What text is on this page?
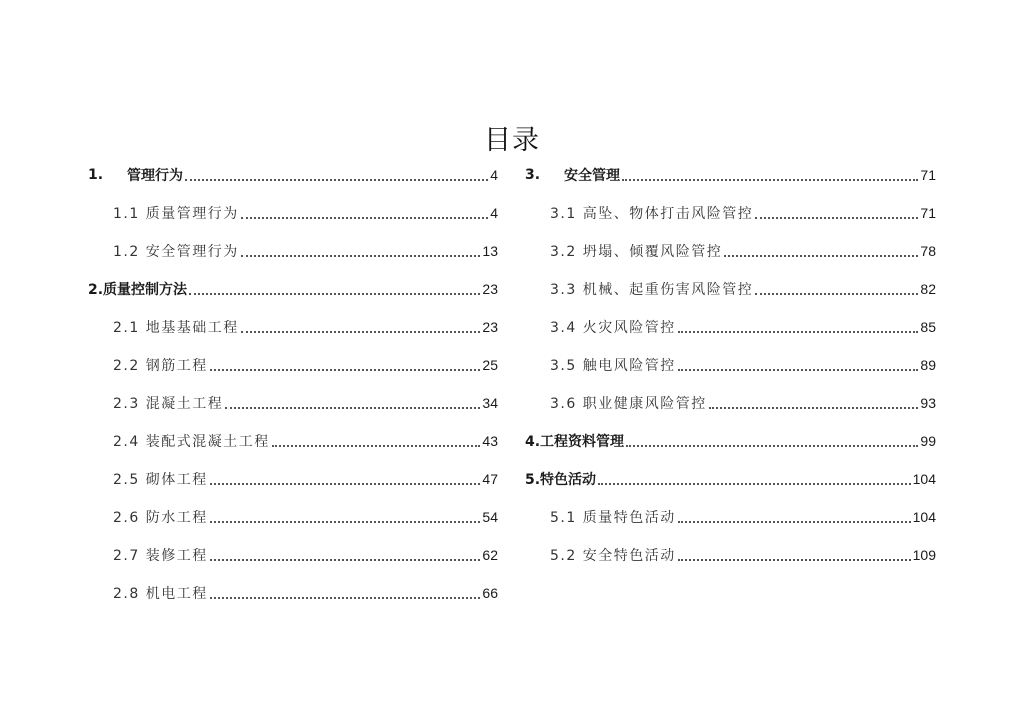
目录
1.	管理行为	4
1.1 质量管理行为	4
1.2 安全管理行为	13
2.质量控制方法	23
2.1 地基基础工程	23
2.2 钢筋工程	25
2.3 混凝土工程	34
2.4 装配式混凝土工程	43
2.5 砌体工程	47
2.6 防水工程	54
2.7 装修工程	62
2.8 机电工程	66
3.	安全管理	71
3.1 高坠、物体打击风险管控	71
3.2 坍塌、倾覆风险管控	78
3.3 机械、起重伤害风险管控	82
3.4 火灾风险管控	85
3.5 触电风险管控	89
3.6 职业健康风险管控	93
4.工程资料管理	99
5.特色活动	104
5.1 质量特色活动	104
5.2 安全特色活动	109
